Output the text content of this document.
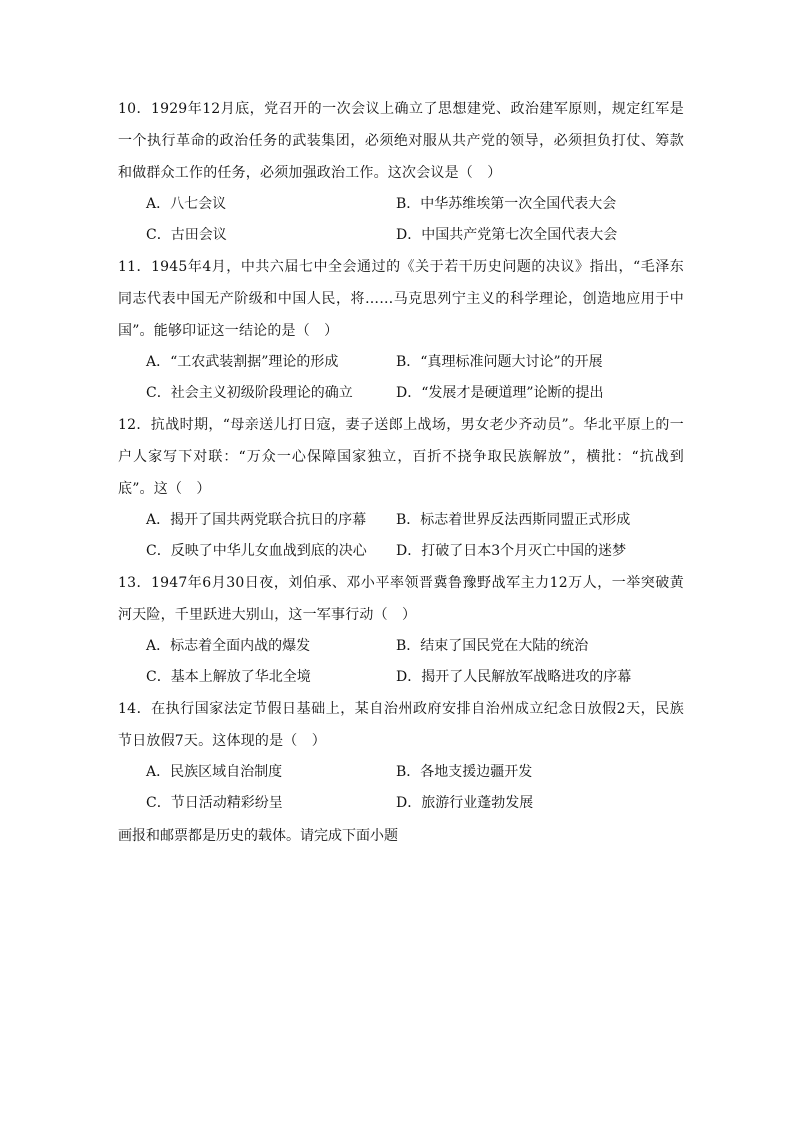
10．1929年12月底，党召开的一次会议上确立了思想建党、政治建军原则，规定红军是一个执行革命的政治任务的武装集团，必须绝对服从共产党的领导，必须担负打仗、筹款和做群众工作的任务，必须加强政治工作。这次会议是（　）

A．八七会议	B．中华苏维埃第一次全国代表大会
C．古田会议	D．中国共产党第七次全国代表大会

11．1945年4月，中共六届七中全会通过的《关于若干历史问题的决议》指出，“毛泽东同志代表中国无产阶级和中国人民，将……马克思列宁主义的科学理论，创造地应用于中国”。能够印证这一结论的是（　）

A．“工农武装割据”理论的形成	B．“真理标准问题大讨论”的开展
C．社会主义初级阶段理论的确立	D．“发展才是硬道理”论断的提出

12．抗战时期，“母亲送儿打日寇，妻子送郎上战场，男女老少齐动员”。华北平原上的一户人家写下对联：“万众一心保障国家独立，百折不挠争取民族解放”，横批：“抗战到底”。这（　）

A．揭开了国共两党联合抗日的序幕	B．标志着世界反法西斯同盟正式形成
C．反映了中华儿女血战到底的决心	D．打破了日本3个月灭亡中国的迷梦

13．1947年6月30日夜，刘伯承、邓小平率领晋冀鲁豫野战军主力12万人，一举突破黄河天险，千里跃进大别山，这一军事行动（　）

A．标志着全面内战的爆发	B．结束了国民党在大陆的统治
C．基本上解放了华北全境	D．揭开了人民解放军战略进攻的序幕

14．在执行国家法定节假日基础上，某自治州政府安排自治州成立纪念日放假2天，民族节日放假7天。这体现的是（　）

A．民族区域自治制度	B．各地支援边疆开发
C．节日活动精彩纷呈	D．旅游行业蓬勃发展
画报和邮票都是历史的载体。请完成下面小题
